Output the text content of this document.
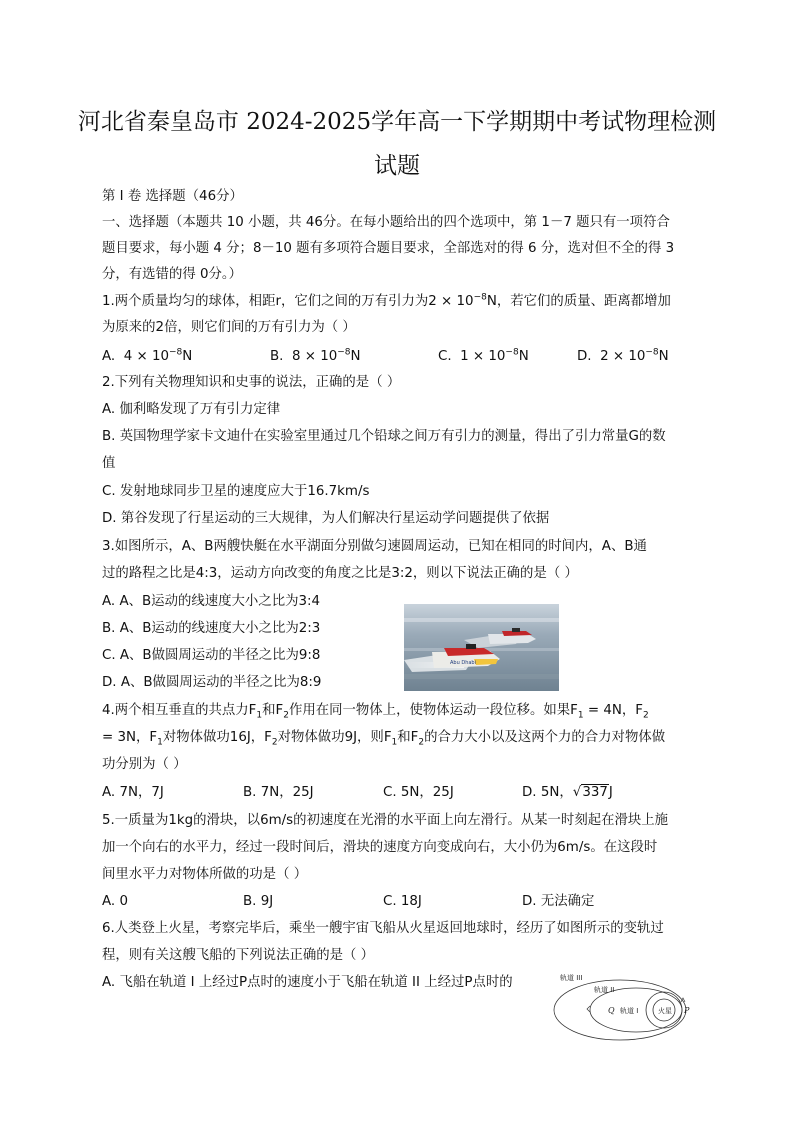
河北省秦皇岛市 2024-2025学年高一下学期期中考试物理检测
试题
第 I 卷 选择题（46分）
一、选择题（本题共 10 小题，共 46分。在每小题给出的四个选项中，第 1－7 题只有一项符合
题目要求，每小题 4 分；8－10 题有多项符合题目要求，全部选对的得 6 分，选对但不全的得 3
分，有选错的得 0分。）
1.两个质量均匀的球体，相距r，它们之间的万有引力为$2 \times 10^{-8}N$，若它们的质量、距离都增加
为原来的2倍，则它们间的万有引力为（ ）
A. $4 \times 10^{-8}N$	B. $8 \times 10^{-8}N$	C. $1 \times 10^{-8}N$	D. $2 \times 10^{-8}N$
2.下列有关物理知识和史事的说法，正确的是（ ）
A. 伽利略发现了万有引力定律
B. 英国物理学家卡文迪什在实验室里通过几个铅球之间万有引力的测量，得出了引力常量G的数
值
C. 发射地球同步卫星的速度应大于16.7km/s
D. 第谷发现了行星运动的三大规律，为人们解决行星运动学问题提供了依据
3.如图所示，A、B两艘快艇在水平湖面分别做匀速圆周运动，已知在相同的时间内，A、B通
过的路程之比是4:3，运动方向改变的角度之比是3:2，则以下说法正确的是（ ）
A. A、B运动的线速度大小之比为3:4
B. A、B运动的线速度大小之比为2:3
C. A、B做圆周运动的半径之比为9:8
D. A、B做圆周运动的半径之比为8:9
Abu Dhabi
4.两个相互垂直的共点力$F_1$和$F_2$作用在同一物体上，使物体运动一段位移。如果$F_1 = 4N$，$F_2$
= 3N，$F_1$对物体做功16J，$F_2$对物体做功9J，则$F_1$和$F_2$的合力大小以及这两个力的合力对物体做
功分别为（ ）
A. 7N，7J	B. 7N，25J	C. 5N，25J	D. 5N，√337J
5.一质量为1kg的滑块，以6m/s的初速度在光滑的水平面上向左滑行。从某一时刻起在滑块上施
加一个向右的水平力，经过一段时间后，滑块的速度方向变成向右，大小仍为6m/s。在这段时
间里水平力对物体所做的功是（ ）
A. 0	B. 9J	C. 18J	D. 无法确定
6.人类登上火星，考察完毕后，乘坐一艘宇宙飞船从火星返回地球时，经历了如图所示的变轨过
程，则有关这艘飞船的下列说法正确的是（ ）
A. 飞船在轨道 I 上经过P点时的速度小于飞船在轨道 II 上经过P点时的
火星
轨道 III
轨道 II
轨道 I
Q	P
